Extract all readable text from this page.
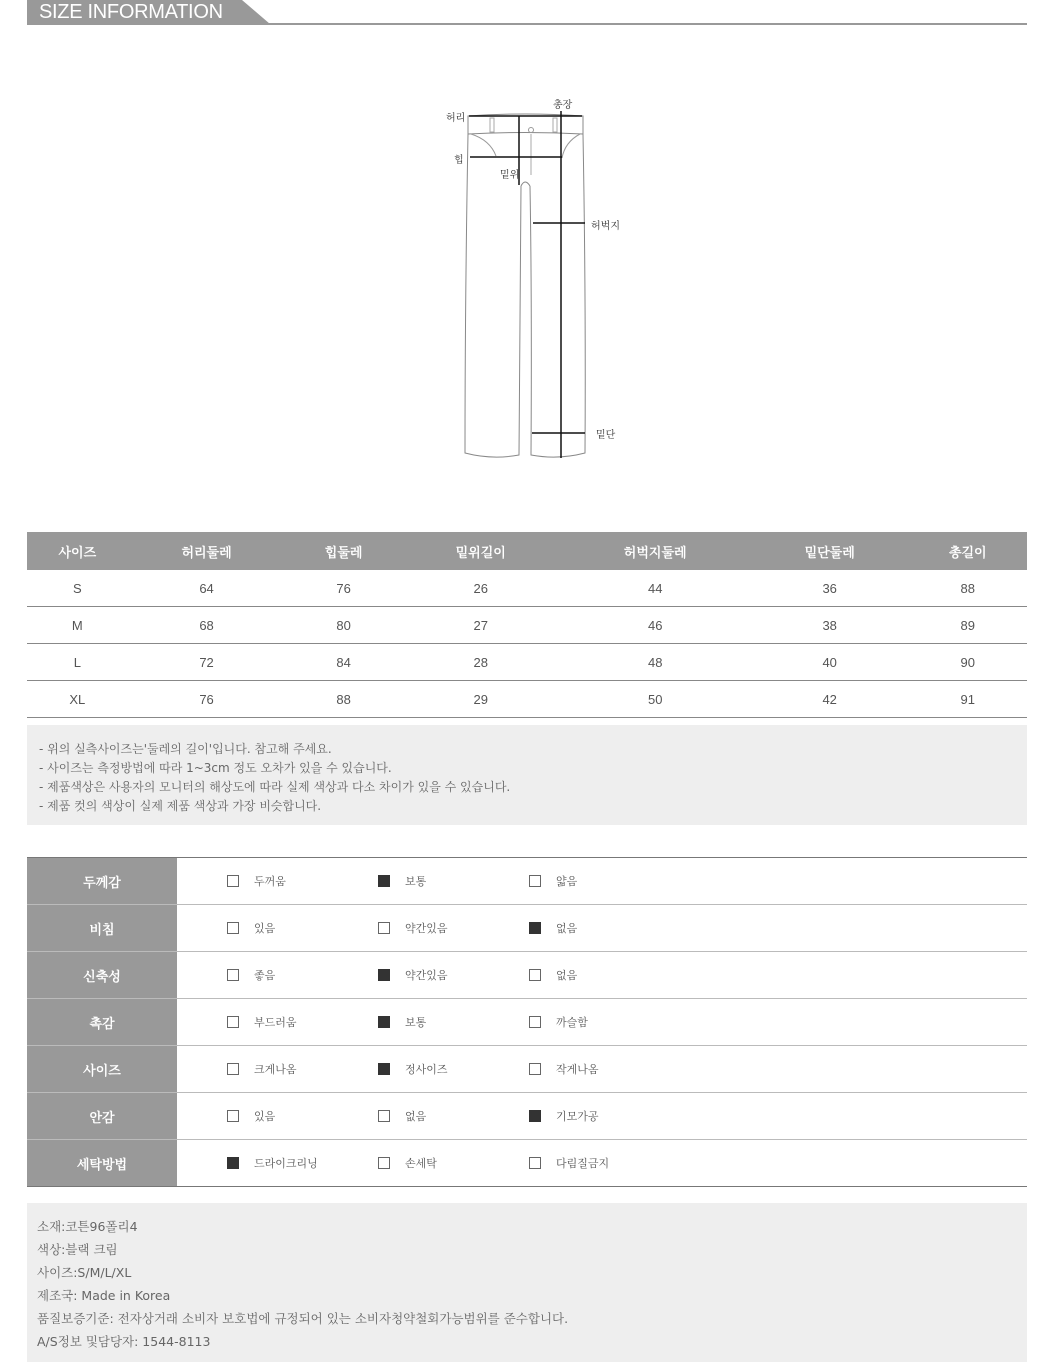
SIZE INFORMATION
허리
총장
힙
밑위
허벅지
밑단
사이즈	허리둘레	힙둘레	밑위길이	허벅지둘레	밑단둘레	총길이
S	64	76	26	44	36	88
M	68	80	27	46	38	89
L	72	84	28	48	40	90
XL	76	88	29	50	42	91
- 위의 실측사이즈는'둘레의 길이'입니다. 참고해 주세요.
- 사이즈는 측정방법에 따라 1~3cm 정도 오차가 있을 수 있습니다.
- 제품색상은 사용자의 모니터의 해상도에 따라 실제 색상과 다소 차이가 있을 수 있습니다.
- 제품 컷의 색상이 실제 제품 색상과 가장 비슷합니다.
두께감	두꺼움	보통	얇음
비침	있음	약간있음	없음
신축성	좋음	약간있음	없음
촉감	부드러움	보통	까슬함
사이즈	크게나옴	정사이즈	작게나옴
안감	있음	없음	기모가공
세탁방법	드라이크리닝	손세탁	다림질금지
소재:코튼96폴리4
색상:블랙 크림
사이즈:S/M/L/XL
제조국: Made in Korea
품질보증기준: 전자상거래 소비자 보호법에 규정되어 있는 소비자청약철회가능범위를 준수합니다.
A/S정보 및담당자: 1544-8113
